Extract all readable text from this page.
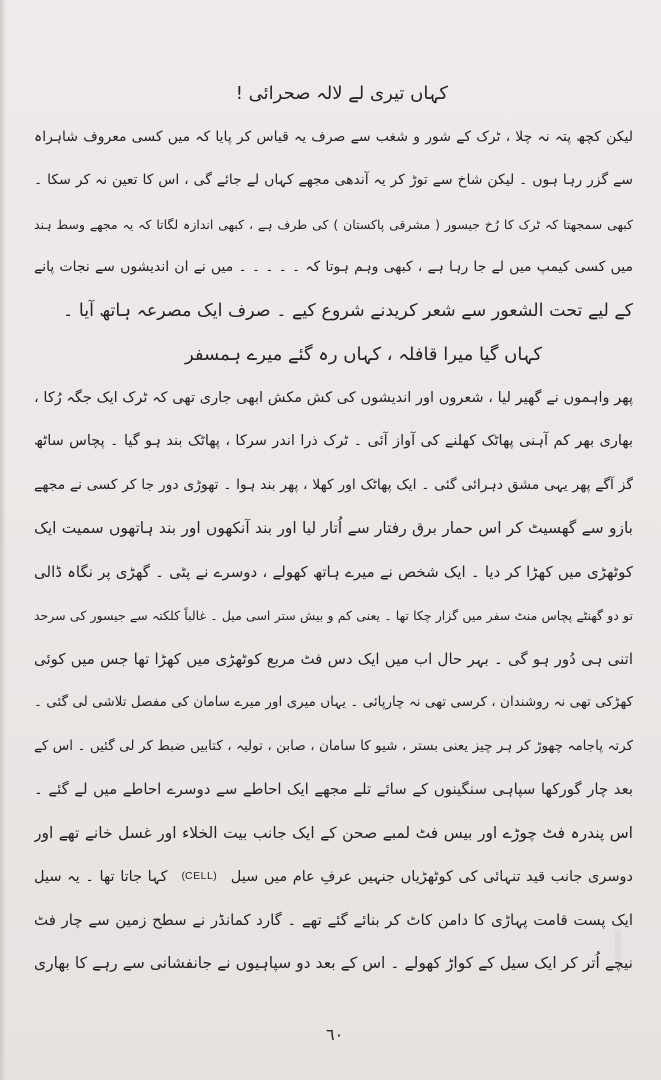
کہاں تیری لے لالہ صحرائی !
لیکن کچھ پتہ نہ چلا ، ٹرک کے شور و شغب سے صرف یہ قیاس کر پایا کہ میں کسی معروف شاہراہ
سے گزر رہا ہوں ۔ لیکن شاخ سے توڑ کر یہ آندھی مجھے کہاں لے جائے گی ، اس کا تعین نہ کر سکا ۔
کبھی سمجھتا کہ ٹرک کا رُخ جیسور ( مشرقی پاکستان ) کی طرف ہے ، کبھی اندازہ لگاتا کہ یہ مجھے وسط ہند
میں کسی کیمپ میں لے جا رہا ہے ، کبھی وہم ہوتا کہ ۔ ۔ ۔ ۔ ۔ میں نے ان اندیشوں سے نجات پانے
کے لیے تحت الشعور سے شعر کریدنے شروع کیے ۔ صرف ایک مصرعہ ہاتھ آیا ۔
کہاں گیا میرا قافلہ ، کہاں رہ گئے میرے ہمسفر
پھر واہموں نے گھیر لیا ، شعروں اور اندیشوں کی کش مکش ابھی جاری تھی کہ ٹرک ایک جگہ رُکا ،
بھاری بھر کم آہنی پھاٹک کھلنے کی آواز آئی ۔ ٹرک ذرا اندر سرکا ، پھاٹک بند ہو گیا ۔ پچاس ساٹھ
گز آگے پھر یہی مشق دہرائی گئی ۔ ایک پھاٹک اور کھلا ، پھر بند ہوا ۔ تھوڑی دور جا کر کسی نے مجھے
بازو سے گھسیٹ کر اس حمار برق رفتار سے اُتار لیا اور بند آنکھوں اور بند ہاتھوں سمیت ایک
کوٹھڑی میں کھڑا کر دیا ۔ ایک شخص نے میرے ہاتھ کھولے ، دوسرے نے پٹی ۔ گھڑی پر نگاہ ڈالی
تو دو گھنٹے پچاس منٹ سفر میں گزار چکا تھا ۔ یعنی کم و بیش ستر اسی میل ۔ غالباً کلکتہ سے جیسور کی سرحد
اتنی ہی دُور ہو گی ۔ بہر حال اب میں ایک دس فٹ مربع کوٹھڑی میں کھڑا تھا جس میں کوئی
کھڑکی تھی نہ روشندان ، کرسی تھی نہ چارپائی ۔ یہاں میری اور میرے سامان کی مفصل تلاشی لی گئی ۔
کرتہ پاجامہ چھوڑ کر ہر چیز یعنی بستر ، شیو کا سامان ، صابن ، تولیہ ، کتابیں ضبط کر لی گئیں ۔ اس کے
بعد چار گورکھا سپاہی سنگینوں کے سائے تلے مجھے ایک احاطے سے دوسرے احاطے میں لے گئے ۔
اس پندرہ فٹ چوڑے اور بیس فٹ لمبے صحن کے ایک جانب بیت الخلاء اور غسل خانے تھے اور
دوسری جانب قید تنہائی کی کوٹھڑیاں جنہیں عرفِ عام میں سیل(CELL)کہا جاتا تھا ۔ یہ سیل
ایک پست قامت پہاڑی کا دامن کاٹ کر بنائے گئے تھے ۔ گارد کمانڈر نے سطح زمین سے چار فٹ
نیچے اُتر کر ایک سیل کے کواڑ کھولے ۔ اس کے بعد دو سپاہیوں نے جانفشانی سے رہے کا بھاری
٦٠
